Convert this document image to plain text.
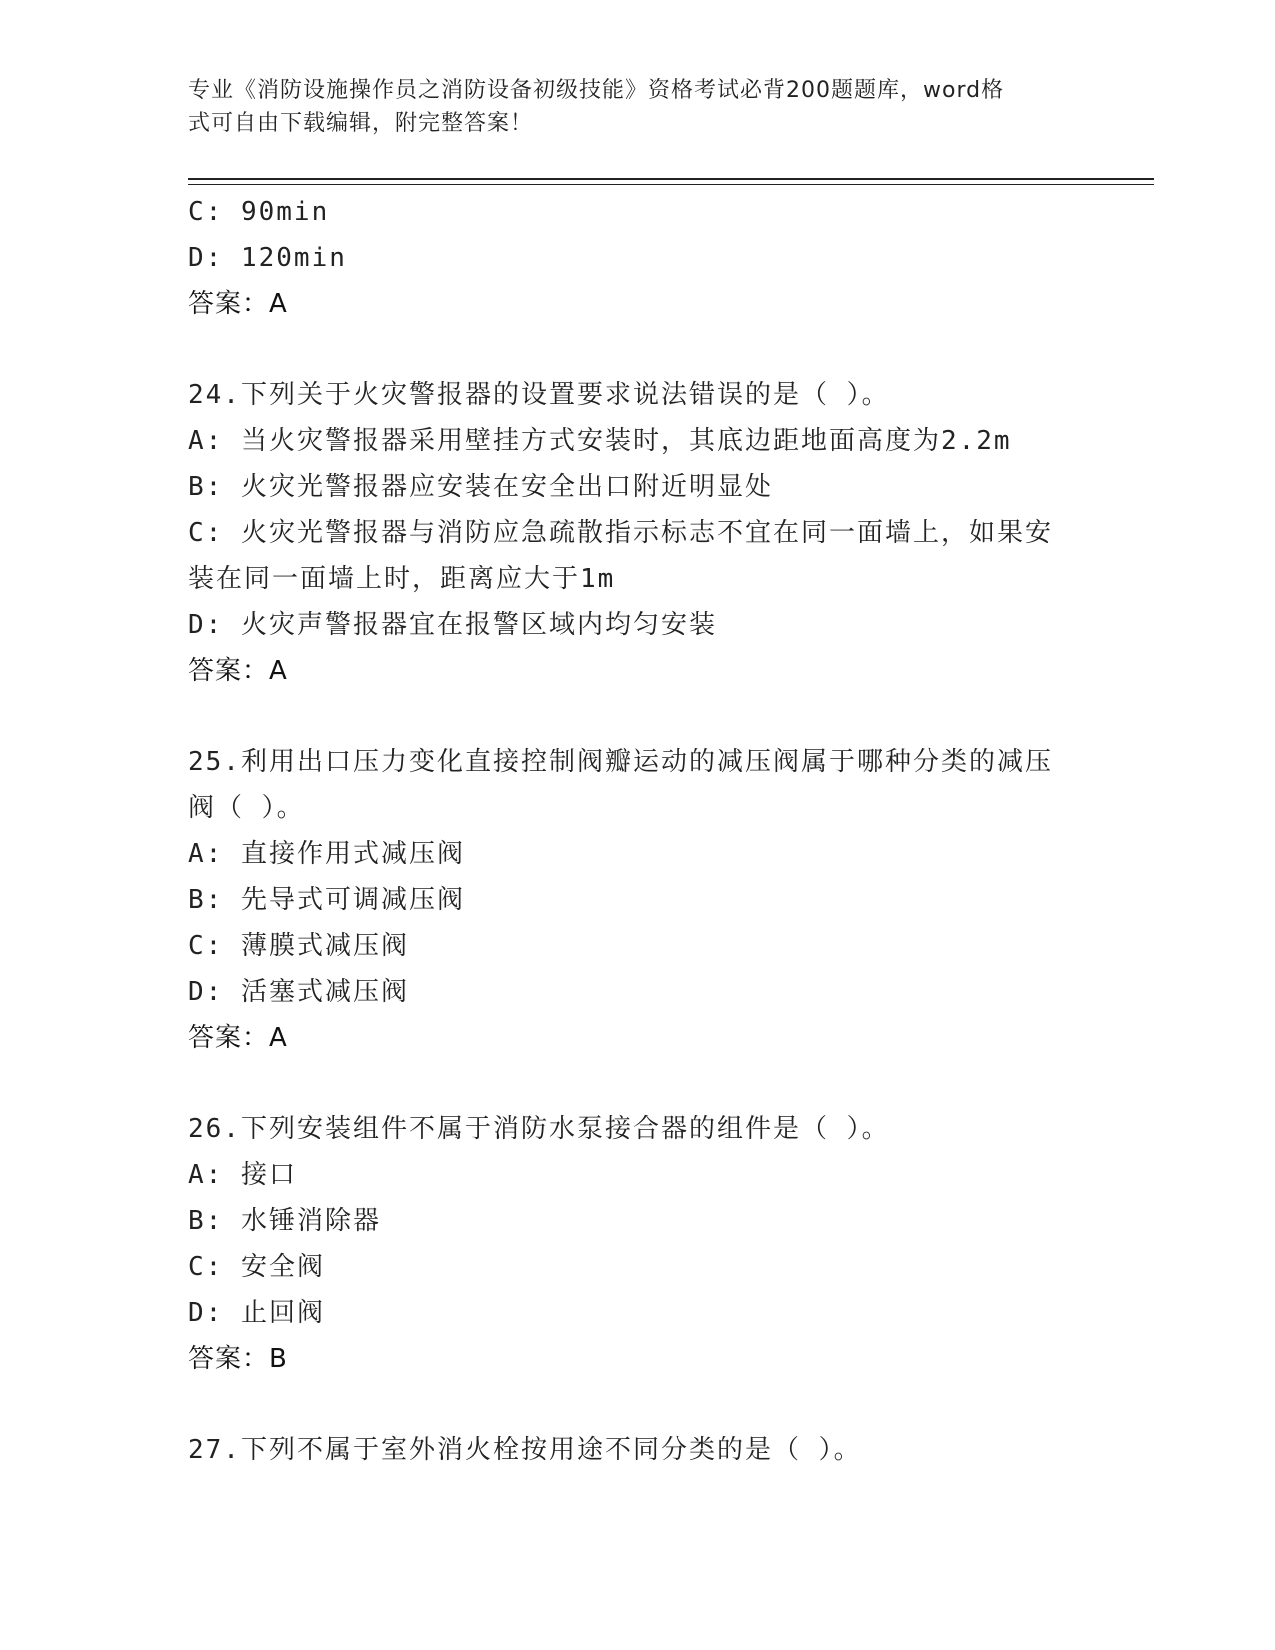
专业《消防设施操作员之消防设备初级技能》资格考试必背200题题库，word格
式可自由下载编辑，附完整答案！
C: 90min
D: 120min
答案：A
24.下列关于火灾警报器的设置要求说法错误的是（ ）。
A: 当火灾警报器采用壁挂方式安装时，其底边距地面高度为2.2m
B: 火灾光警报器应安装在安全出口附近明显处
C: 火灾光警报器与消防应急疏散指示标志不宜在同一面墙上，如果安
装在同一面墙上时，距离应大于1m
D: 火灾声警报器宜在报警区域内均匀安装
答案：A
25.利用出口压力变化直接控制阀瓣运动的减压阀属于哪种分类的减压
阀（ ）。
A: 直接作用式减压阀
B: 先导式可调减压阀
C: 薄膜式减压阀
D: 活塞式减压阀
答案：A
26.下列安装组件不属于消防水泵接合器的组件是（ ）。
A: 接口
B: 水锤消除器
C: 安全阀
D: 止回阀
答案：B
27.下列不属于室外消火栓按用途不同分类的是（ ）。
